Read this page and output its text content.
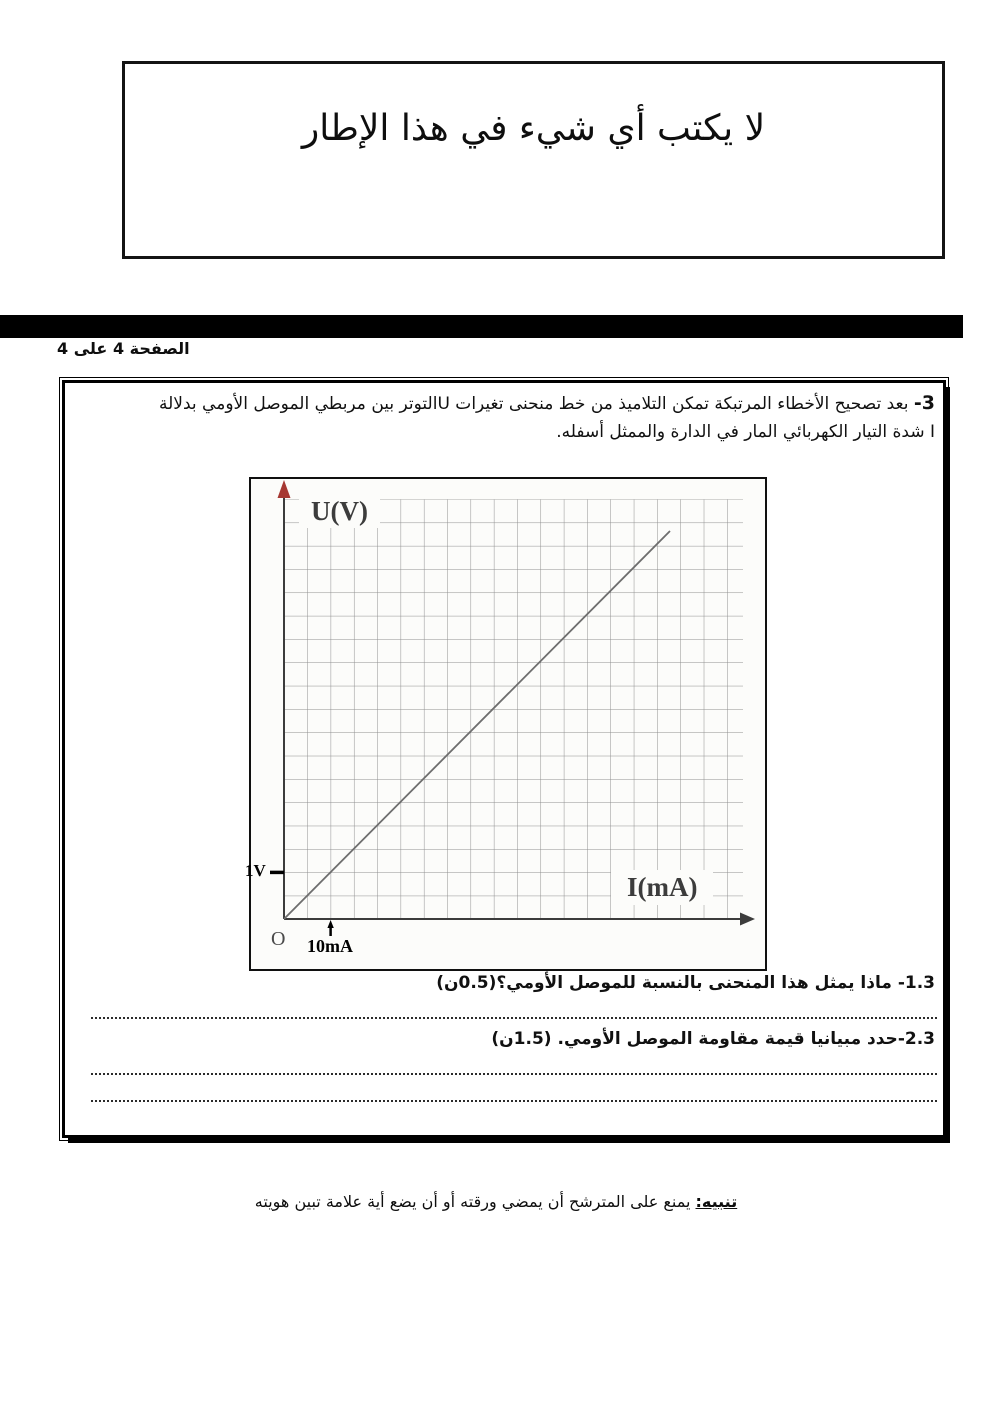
لا يكتب أي شيء في هذا الإطار
الصفحة 4 على 4
3- بعد تصحيح الأخطاء المرتبكة تمكن التلاميذ من خط منحنى تغيرات Uالتوتر بين مربطي الموصل الأومي بدلالة
I شدة التيار الكهربائي المار في الدارة والممثل أسفله.
U(V)
I(mA)
1V
10mA
O
1.3- ماذا يمثل هذا المنحنى بالنسبة للموصل الأومي؟(0.5ن)
2.3-حدد مبيانيا قيمة مقاومة الموصل الأومي. (1.5ن)
تنبيه: يمنع على المترشح أن يمضي ورقته أو أن يضع أية علامة تبين هويته
